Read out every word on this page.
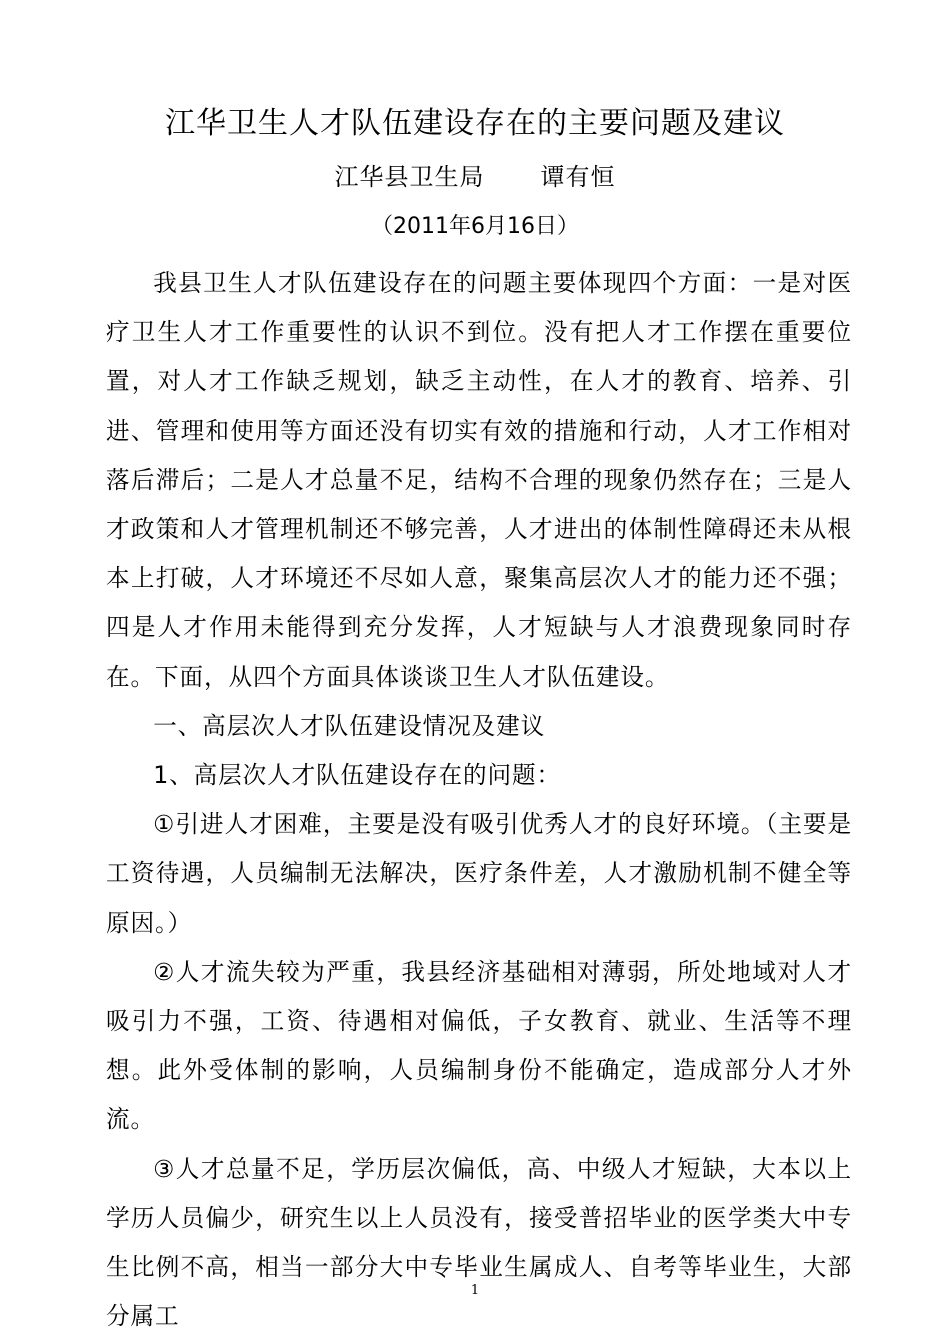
江华卫生人才队伍建设存在的主要问题及建议
江华县卫生局 谭有恒
（2011年6月16日）

我县卫生人才队伍建设存在的问题主要体现四个方面：一是对医疗卫生人才工作重要性的认识不到位。没有把人才工作摆在重要位置，对人才工作缺乏规划，缺乏主动性，在人才的教育、培养、引进、管理和使用等方面还没有切实有效的措施和行动，人才工作相对落后滞后；二是人才总量不足，结构不合理的现象仍然存在；三是人才政策和人才管理机制还不够完善，人才进出的体制性障碍还未从根本上打破，人才环境还不尽如人意，聚集高层次人才的能力还不强；四是人才作用未能得到充分发挥，人才短缺与人才浪费现象同时存在。下面，从四个方面具体谈谈卫生人才队伍建设。

一、高层次人才队伍建设情况及建议

1、高层次人才队伍建设存在的问题：

①引进人才困难，主要是没有吸引优秀人才的良好环境。（主要是工资待遇，人员编制无法解决，医疗条件差，人才激励机制不健全等原因。）

②人才流失较为严重，我县经济基础相对薄弱，所处地域对人才吸引力不强，工资、待遇相对偏低，子女教育、就业、生活等不理想。此外受体制的影响，人员编制身份不能确定，造成部分人才外流。

③人才总量不足，学历层次偏低，高、中级人才短缺，大本以上学历人员偏少，研究生以上人员没有，接受普招毕业的医学类大中专生比例不高，相当一部分大中专毕业生属成人、自考等毕业生，大部分属工

1
